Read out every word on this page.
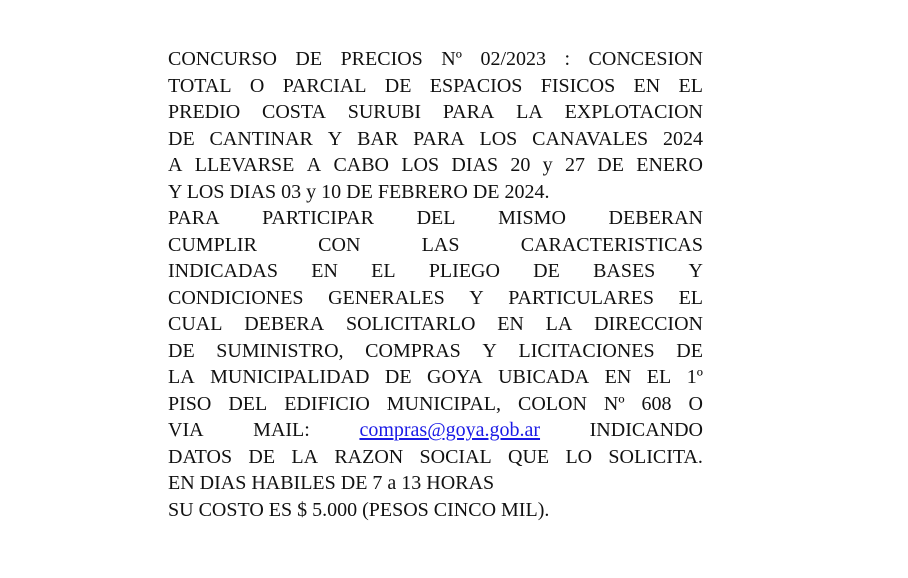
CONCURSO DE PRECIOS Nº 02/2023 : CONCESION
TOTAL O PARCIAL DE ESPACIOS FISICOS EN EL
PREDIO COSTA SURUBI PARA LA EXPLOTACION
DE CANTINAR Y BAR PARA LOS CANAVALES 2024
A LLEVARSE A CABO LOS DIAS 20 y 27 DE ENERO
Y LOS DIAS 03 y 10 DE FEBRERO DE 2024.
PARA PARTICIPAR DEL MISMO DEBERAN
CUMPLIR	CON	LAS	CARACTERISTICAS
INDICADAS EN EL PLIEGO DE BASES Y
CONDICIONES GENERALES Y PARTICULARES EL
CUAL DEBERA SOLICITARLO EN LA DIRECCION
DE SUMINISTRO, COMPRAS Y LICITACIONES DE
LA MUNICIPALIDAD DE GOYA UBICADA EN EL 1º
PISO DEL EDIFICIO MUNICIPAL, COLON Nº 608 O
VIA MAIL: compras@goya.gob.ar INDICANDO
DATOS DE LA RAZON SOCIAL QUE LO SOLICITA.
EN DIAS HABILES DE 7 a 13 HORAS
SU COSTO ES $ 5.000 (PESOS CINCO MIL).
